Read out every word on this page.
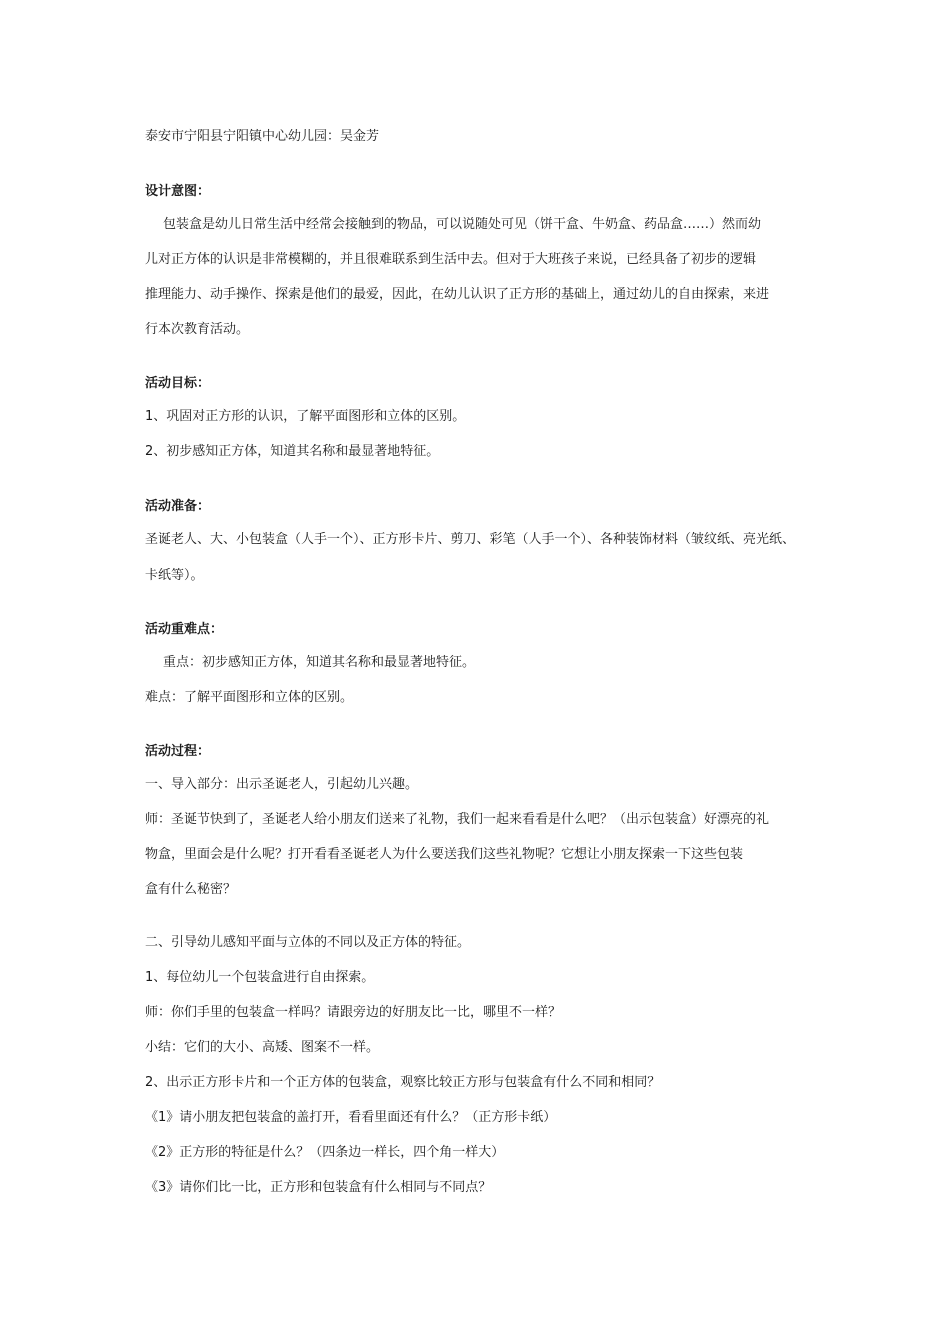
泰安市宁阳县宁阳镇中心幼儿园：吴金芳
设计意图：
包装盒是幼儿日常生活中经常会接触到的物品，可以说随处可见（饼干盒、牛奶盒、药品盒……）然而幼
儿对正方体的认识是非常模糊的，并且很难联系到生活中去。但对于大班孩子来说，已经具备了初步的逻辑
推理能力、动手操作、探索是他们的最爱，因此，在幼儿认识了正方形的基础上，通过幼儿的自由探索，来进
行本次教育活动。
活动目标：
1、巩固对正方形的认识，了解平面图形和立体的区别。
2、初步感知正方体，知道其名称和最显著地特征。
活动准备：
圣诞老人、大、小包装盒（人手一个）、正方形卡片、剪刀、彩笔（人手一个）、各种装饰材料（皱纹纸、亮光纸、
卡纸等）。
活动重难点：
重点：初步感知正方体，知道其名称和最显著地特征。
难点：了解平面图形和立体的区别。
活动过程：
一、导入部分：出示圣诞老人，引起幼儿兴趣。
师：圣诞节快到了，圣诞老人给小朋友们送来了礼物，我们一起来看看是什么吧？（出示包装盒）好漂亮的礼
物盒，里面会是什么呢？打开看看圣诞老人为什么要送我们这些礼物呢？它想让小朋友探索一下这些包装
盒有什么秘密？
二、引导幼儿感知平面与立体的不同以及正方体的特征。
1、每位幼儿一个包装盒进行自由探索。
师：你们手里的包装盒一样吗？请跟旁边的好朋友比一比，哪里不一样？
小结：它们的大小、高矮、图案不一样。
2、出示正方形卡片和一个正方体的包装盒，观察比较正方形与包装盒有什么不同和相同？
《1》请小朋友把包装盒的盖打开，看看里面还有什么？（正方形卡纸）
《2》正方形的特征是什么？（四条边一样长，四个角一样大）
《3》请你们比一比，正方形和包装盒有什么相同与不同点？
